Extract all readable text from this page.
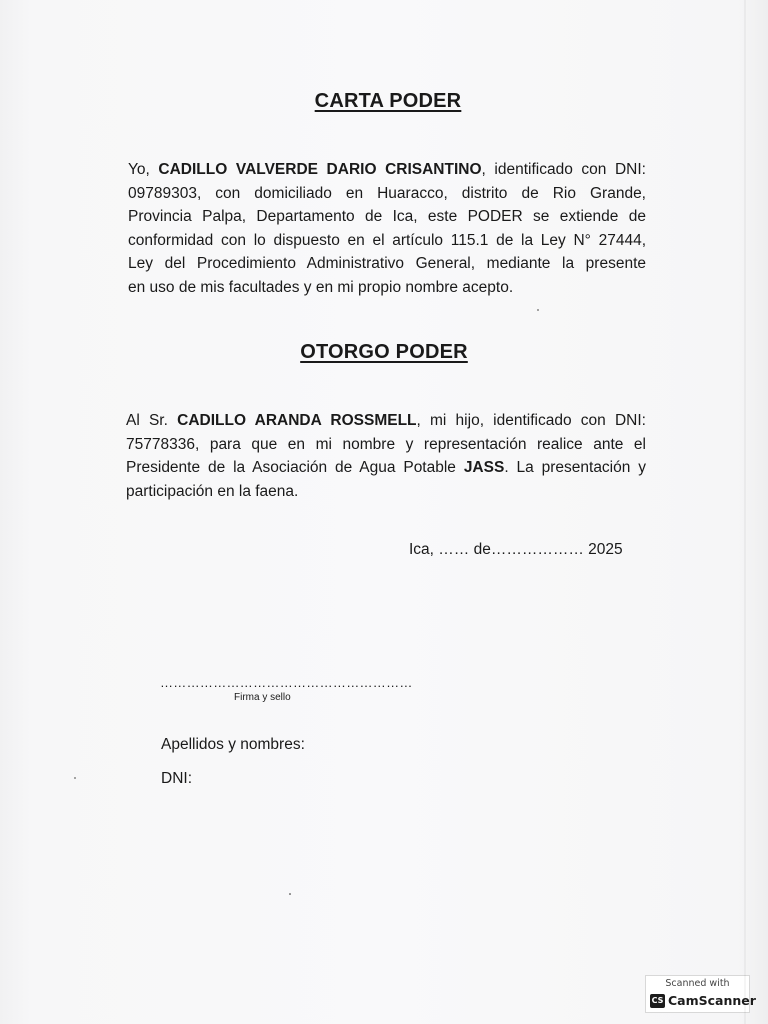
CARTA PODER
Yo, CADILLO VALVERDE DARIO CRISANTINO, identificado con DNI:
09789303, con domiciliado en Huaracco, distrito de Rio Grande,
Provincia Palpa, Departamento de Ica, este PODER se extiende de
conformidad con lo dispuesto en el artículo 115.1 de la Ley N° 27444,
Ley del Procedimiento Administrativo General, mediante la presente
en uso de mis facultades y en mi propio nombre acepto.
OTORGO PODER
Al Sr. CADILLO ARANDA ROSSMELL, mi hijo, identificado con DNI:
75778336, para que en mi nombre y representación realice ante el
Presidente de la Asociación de Agua Potable JASS. La presentación y
participación en la faena.
Ica, …… de……………… 2025
…………………………………………………
Firma y sello
Apellidos y nombres:
DNI:
Scanned with
CS CamScanner
